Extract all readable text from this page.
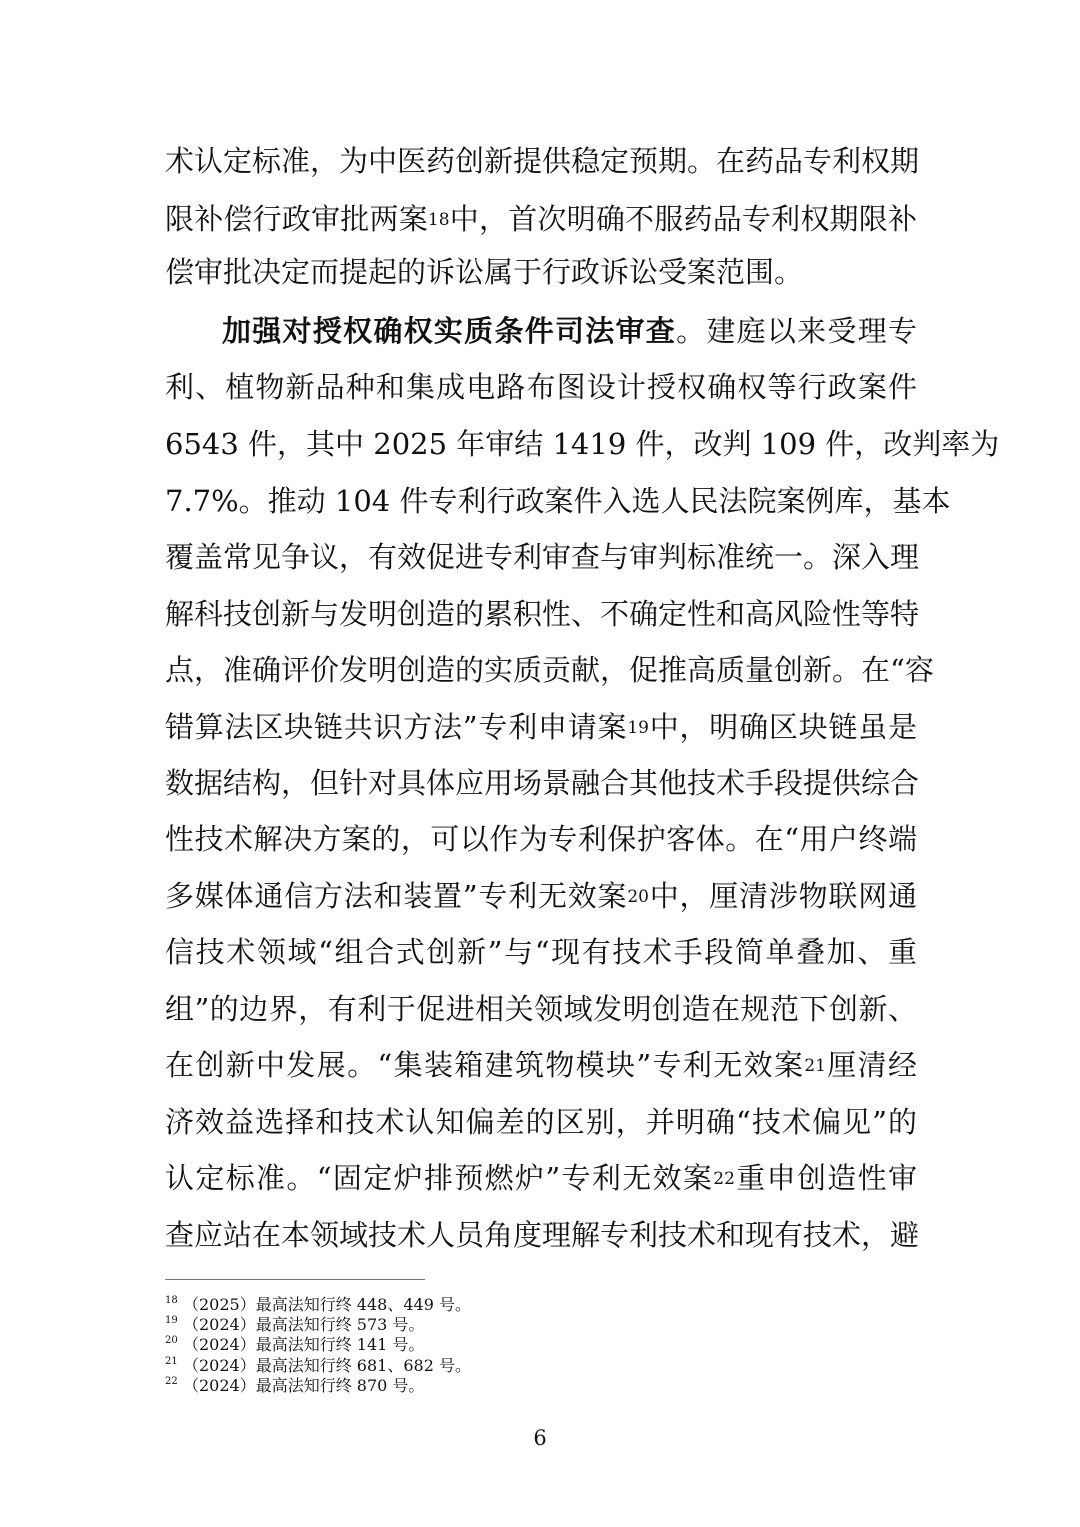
术认定标准，为中医药创新提供稳定预期。在药品专利权期
限补偿行政审批两案$^{18}$中，首次明确不服药品专利权期限补
偿审批决定而提起的诉讼属于行政诉讼受案范围。
加强对授权确权实质条件司法审查。建庭以来受理专
利、植物新品种和集成电路布图设计授权确权等行政案件
6543 件，其中 2025 年审结 1419 件，改判 109 件，改判率为
7.7%。推动 104 件专利行政案件入选人民法院案例库，基本
覆盖常见争议，有效促进专利审查与审判标准统一。深入理
解科技创新与发明创造的累积性、不确定性和高风险性等特
点，准确评价发明创造的实质贡献，促推高质量创新。在“容
错算法区块链共识方法”专利申请案$^{19}$中，明确区块链虽是
数据结构，但针对具体应用场景融合其他技术手段提供综合
性技术解决方案的，可以作为专利保护客体。在“用户终端
多媒体通信方法和装置”专利无效案$^{20}$中，厘清涉物联网通
信技术领域“组合式创新”与“现有技术手段简单叠加、重
组”的边界，有利于促进相关领域发明创造在规范下创新、
在创新中发展。“集装箱建筑物模块”专利无效案$^{21}$厘清经
济效益选择和技术认知偏差的区别，并明确“技术偏见”的
认定标准。“固定炉排预燃炉”专利无效案$^{22}$重申创造性审
查应站在本领域技术人员角度理解专利技术和现有技术，避
18 （2025）最高法知行终 448、449 号。
19 （2024）最高法知行终 573 号。
20 （2024）最高法知行终 141 号。
21 （2024）最高法知行终 681、682 号。
22 （2024）最高法知行终 870 号。
6
